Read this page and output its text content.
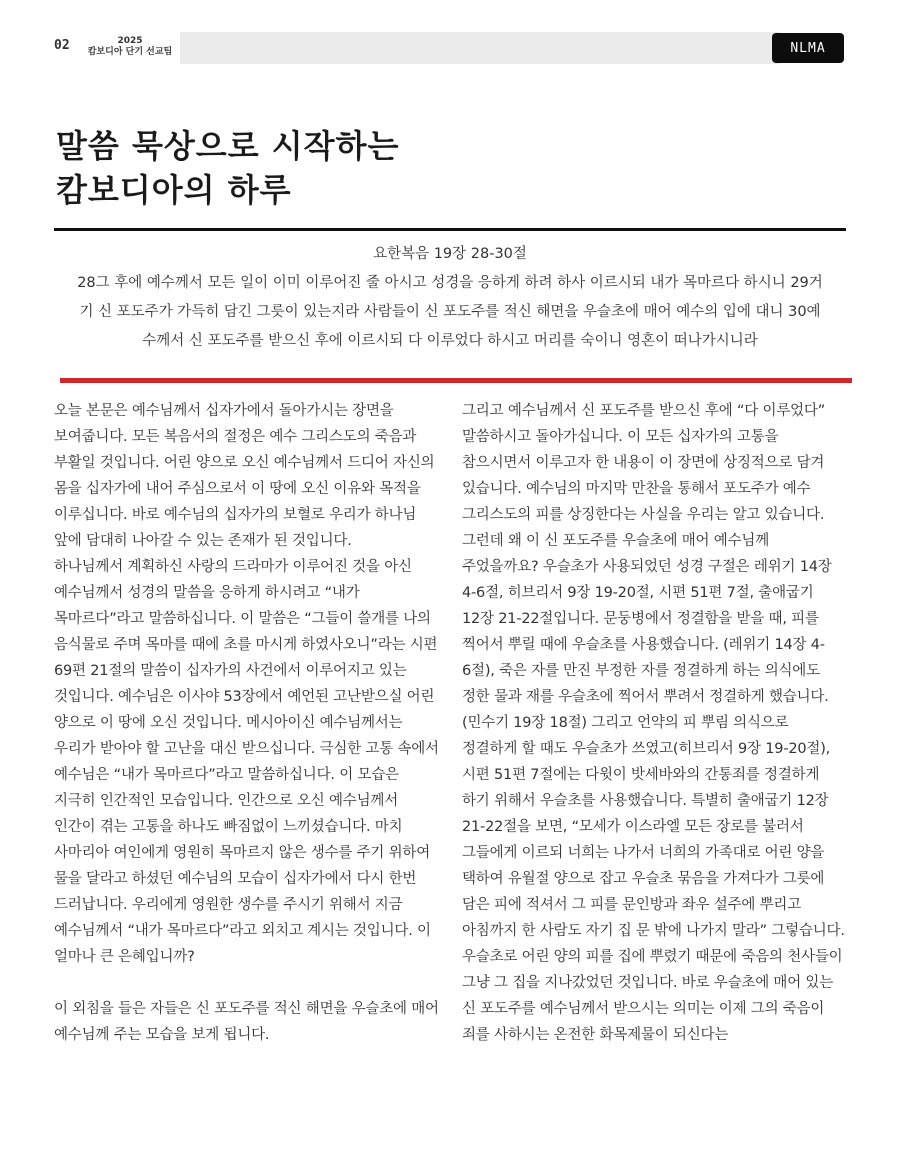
02	2025
캄보디아 단기 선교팀	NLMA
말씀 묵상으로 시작하는
캄보디아의 하루
요한복음 19장 28-30절
28그 후에 예수께서 모든 일이 이미 이루어진 줄 아시고 성경을 응하게 하려 하사 이르시되 내가 목마르다 하시니 29거기 신 포도주가 가득히 담긴 그릇이 있는지라 사람들이 신 포도주를 적신 해면을 우슬초에 매어 예수의 입에 대니 30예수께서 신 포도주를 받으신 후에 이르시되 다 이루었다 하시고 머리를 숙이니 영혼이 떠나가시니라

오늘 본문은 예수님께서 십자가에서 돌아가시는 장면을 보여줍니다. 모든 복음서의 절정은 예수 그리스도의 죽음과 부활일 것입니다. 어린 양으로 오신 예수님께서 드디어 자신의 몸을 십자가에 내어 주심으로서 이 땅에 오신 이유와 목적을 이루십니다. 바로 예수님의 십자가의 보혈로 우리가 하나님 앞에 담대히 나아갈 수 있는 존재가 된 것입니다.

하나님께서 계획하신 사랑의 드라마가 이루어진 것을 아신 예수님께서 성경의 말씀을 응하게 하시려고 “내가 목마르다”라고 말씀하십니다. 이 말씀은 “그들이 쓸개를 나의 음식물로 주며 목마를 때에 초를 마시게 하였사오니”라는 시편 69편 21절의 말씀이 십자가의 사건에서 이루어지고 있는 것입니다. 예수님은 이사야 53장에서 예언된 고난받으실 어린 양으로 이 땅에 오신 것입니다. 메시아이신 예수님께서는 우리가 받아야 할 고난을 대신 받으십니다. 극심한 고통 속에서 예수님은 “내가 목마르다”라고 말씀하십니다. 이 모습은 지극히 인간적인 모습입니다. 인간으로 오신 예수님께서 인간이 겪는 고통을 하나도 빠짐없이 느끼셨습니다. 마치 사마리아 여인에게 영원히 목마르지 않은 생수를 주기 위하여 물을 달라고 하셨던 예수님의 모습이 십자가에서 다시 한번 드러납니다. 우리에게 영원한 생수를 주시기 위해서 지금 예수님께서 “내가 목마르다”라고 외치고 계시는 것입니다. 이 얼마나 큰 은혜입니까?

이 외침을 들은 자들은 신 포도주를 적신 해면을 우슬초에 매어 예수님께 주는 모습을 보게 됩니다.

그리고 예수님께서 신 포도주를 받으신 후에 “다 이루었다” 말씀하시고 돌아가십니다. 이 모든 십자가의 고통을 참으시면서 이루고자 한 내용이 이 장면에 상징적으로 담겨 있습니다. 예수님의 마지막 만찬을 통해서 포도주가 예수 그리스도의 피를 상징한다는 사실을 우리는 알고 있습니다. 그런데 왜 이 신 포도주를 우슬초에 매어 예수님께 주었을까요? 우슬초가 사용되었던 성경 구절은 레위기 14장 4-6절, 히브리서 9장 19-20절, 시편 51편 7절, 출애굽기 12장 21-22절입니다. 문둥병에서 정결함을 받을 때, 피를 찍어서 뿌릴 때에 우슬초를 사용했습니다. (레위기 14장 4-6절), 죽은 자를 만진 부정한 자를 정결하게 하는 의식에도 정한 물과 재를 우슬초에 찍어서 뿌려서 정결하게 했습니다. (민수기 19장 18절) 그리고 언약의 피 뿌림 의식으로 정결하게 할 때도 우슬초가 쓰였고(히브리서 9장 19-20절), 시편 51편 7절에는 다윗이 밧세바와의 간통죄를 정결하게 하기 위해서 우슬초를 사용했습니다. 특별히 출애굽기 12장 21-22절을 보면, “모세가 이스라엘 모든 장로를 불러서 그들에게 이르되 너희는 나가서 너희의 가족대로 어린 양을 택하여 유월절 양으로 잡고 우슬초 묶음을 가져다가 그릇에 담은 피에 적셔서 그 피를 문인방과 좌우 설주에 뿌리고 아침까지 한 사람도 자기 집 문 밖에 나가지 말라” 그렇습니다. 우슬초로 어린 양의 피를 집에 뿌렸기 때문에 죽음의 천사들이 그냥 그 집을 지나갔었던 것입니다. 바로 우슬초에 매어 있는 신 포도주를 예수님께서 받으시는 의미는 이제 그의 죽음이 죄를 사하시는 온전한 화목제물이 되신다는
